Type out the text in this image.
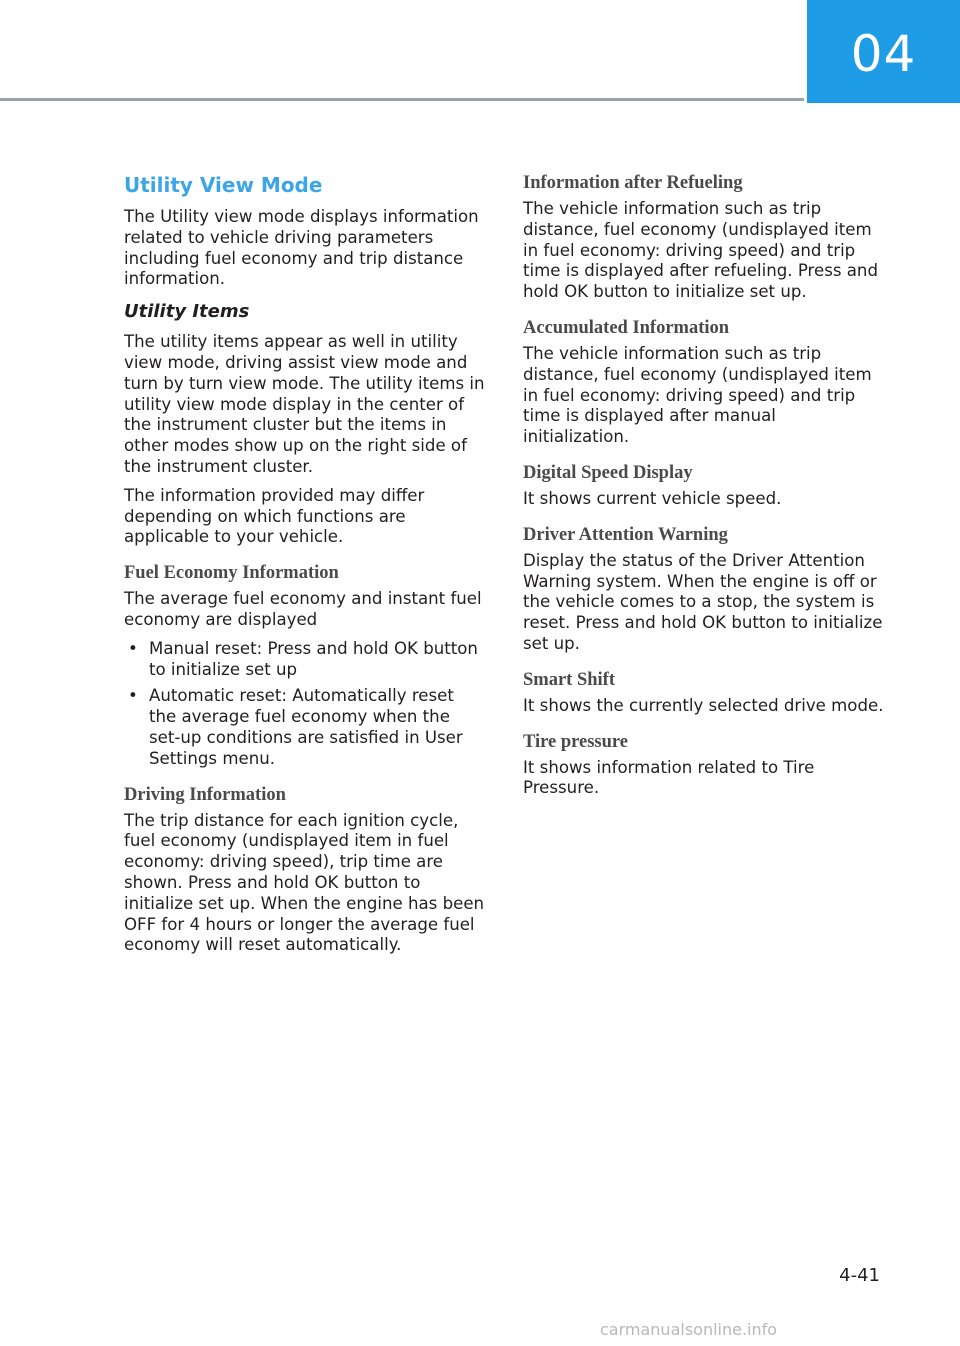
04
Utility View Mode

The Utility view mode displays information related to vehicle driving parameters including fuel economy and trip distance information.

Utility Items

The utility items appear as well in utility view mode, driving assist view mode and turn by turn view mode. The utility items in utility view mode display in the center of the instrument cluster but the items in other modes show up on the right side of the instrument cluster.

The information provided may differ depending on which functions are applicable to your vehicle.

Fuel Economy Information

The average fuel economy and instant fuel economy are displayed

• Manual reset: Press and hold OK button to initialize set up
• Automatic reset: Automatically reset the average fuel economy when the set-up conditions are satisfied in User Settings menu.
Driving Information

The trip distance for each ignition cycle, fuel economy (undisplayed item in fuel economy: driving speed), trip time are shown. Press and hold OK button to initialize set up. When the engine has been OFF for 4 hours or longer the average fuel economy will reset automatically.

Information after Refueling

The vehicle information such as trip distance, fuel economy (undisplayed item in fuel economy: driving speed) and trip time is displayed after refueling. Press and hold OK button to initialize set up.

Accumulated Information

The vehicle information such as trip distance, fuel economy (undisplayed item in fuel economy: driving speed) and trip time is displayed after manual initialization.

Digital Speed Display

It shows current vehicle speed.

Driver Attention Warning

Display the status of the Driver Attention Warning system. When the engine is off or the vehicle comes to a stop, the system is reset. Press and hold OK button to initialize set up.

Smart Shift

It shows the currently selected drive mode.

Tire pressure

It shows information related to Tire Pressure.

4-41
carmanualsonline.info
